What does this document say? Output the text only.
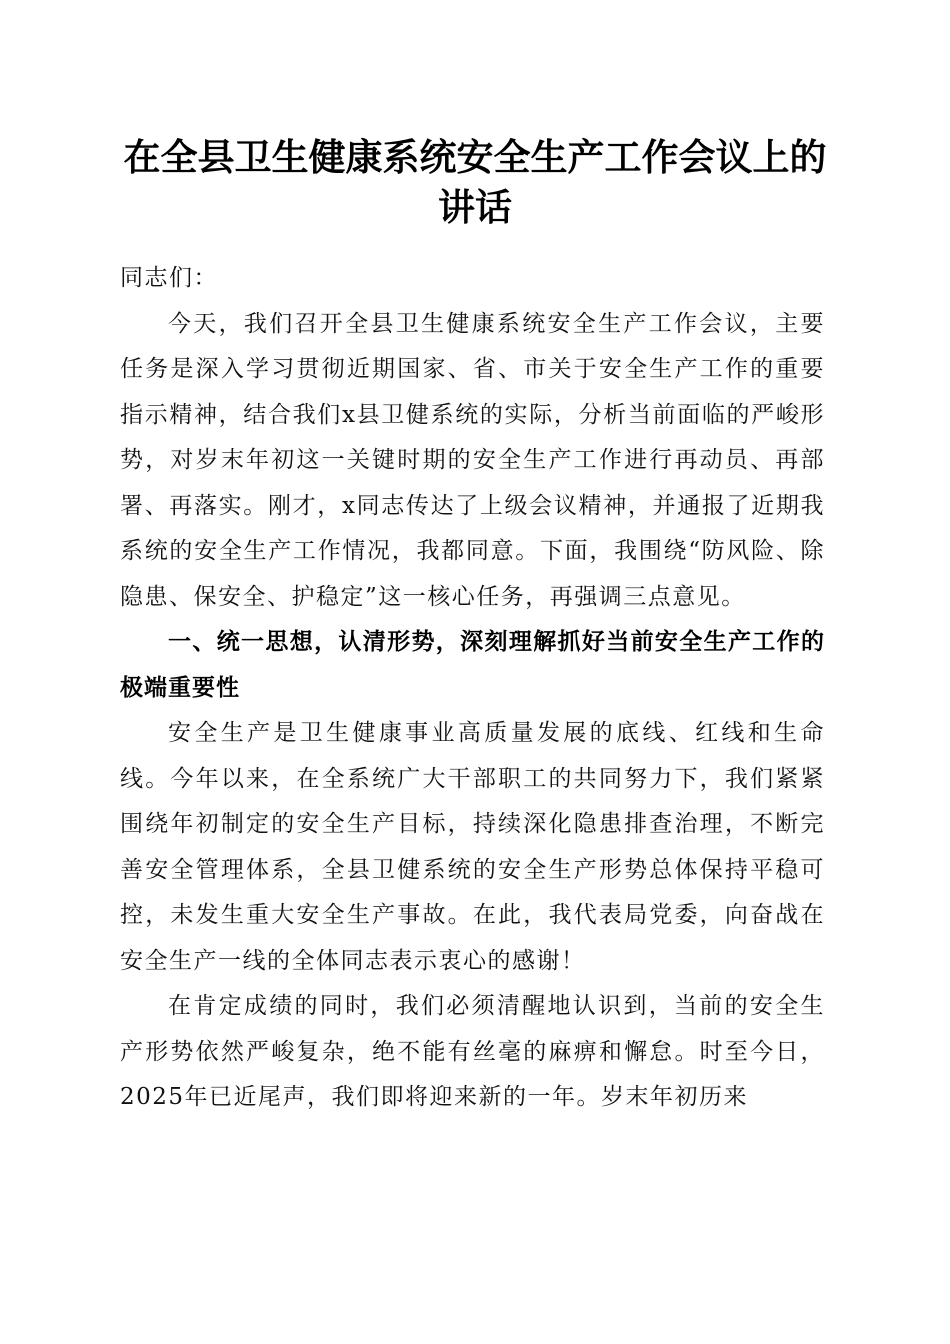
在全县卫生健康系统安全生产工作会议上的讲话

同志们：

今天，我们召开全县卫生健康系统安全生产工作会议，主要任务是深入学习贯彻近期国家、省、市关于安全生产工作的重要指示精神，结合我们x县卫健系统的实际，分析当前面临的严峻形势，对岁末年初这一关键时期的安全生产工作进行再动员、再部署、再落实。刚才，x同志传达了上级会议精神，并通报了近期我系统的安全生产工作情况，我都同意。下面，我围绕“防风险、除隐患、保安全、护稳定”这一核心任务，再强调三点意见。

一、统一思想，认清形势，深刻理解抓好当前安全生产工作的极端重要性

安全生产是卫生健康事业高质量发展的底线、红线和生命线。今年以来，在全系统广大干部职工的共同努力下，我们紧紧围绕年初制定的安全生产目标，持续深化隐患排查治理，不断完善安全管理体系，全县卫健系统的安全生产形势总体保持平稳可控，未发生重大安全生产事故。在此，我代表局党委，向奋战在安全生产一线的全体同志表示衷心的感谢！

在肯定成绩的同时，我们必须清醒地认识到，当前的安全生产形势依然严峻复杂，绝不能有丝毫的麻痹和懈怠。时至今日，2025年已近尾声，我们即将迎来新的一年。岁末年初历来
